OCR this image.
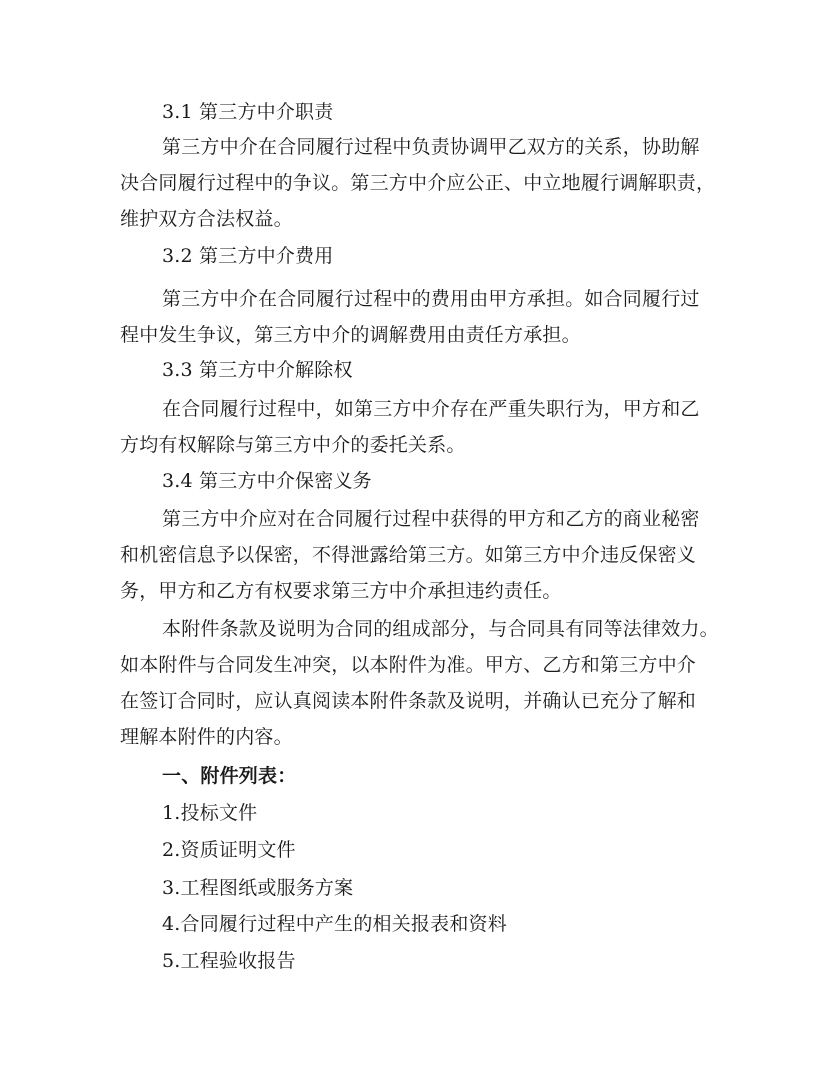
3.1 第三方中介职责
第三方中介在合同履行过程中负责协调甲乙双方的关系，协助解
决合同履行过程中的争议。第三方中介应公正、中立地履行调解职责，
维护双方合法权益。
3.2 第三方中介费用
第三方中介在合同履行过程中的费用由甲方承担。如合同履行过
程中发生争议，第三方中介的调解费用由责任方承担。
3.3 第三方中介解除权
在合同履行过程中，如第三方中介存在严重失职行为，甲方和乙
方均有权解除与第三方中介的委托关系。
3.4 第三方中介保密义务
第三方中介应对在合同履行过程中获得的甲方和乙方的商业秘密
和机密信息予以保密，不得泄露给第三方。如第三方中介违反保密义
务，甲方和乙方有权要求第三方中介承担违约责任。
本附件条款及说明为合同的组成部分，与合同具有同等法律效力。
如本附件与合同发生冲突，以本附件为准。甲方、乙方和第三方中介
在签订合同时，应认真阅读本附件条款及说明，并确认已充分了解和
理解本附件的内容。
一、附件列表：
1.投标文件
2.资质证明文件
3.工程图纸或服务方案
4.合同履行过程中产生的相关报表和资料
5.工程验收报告
